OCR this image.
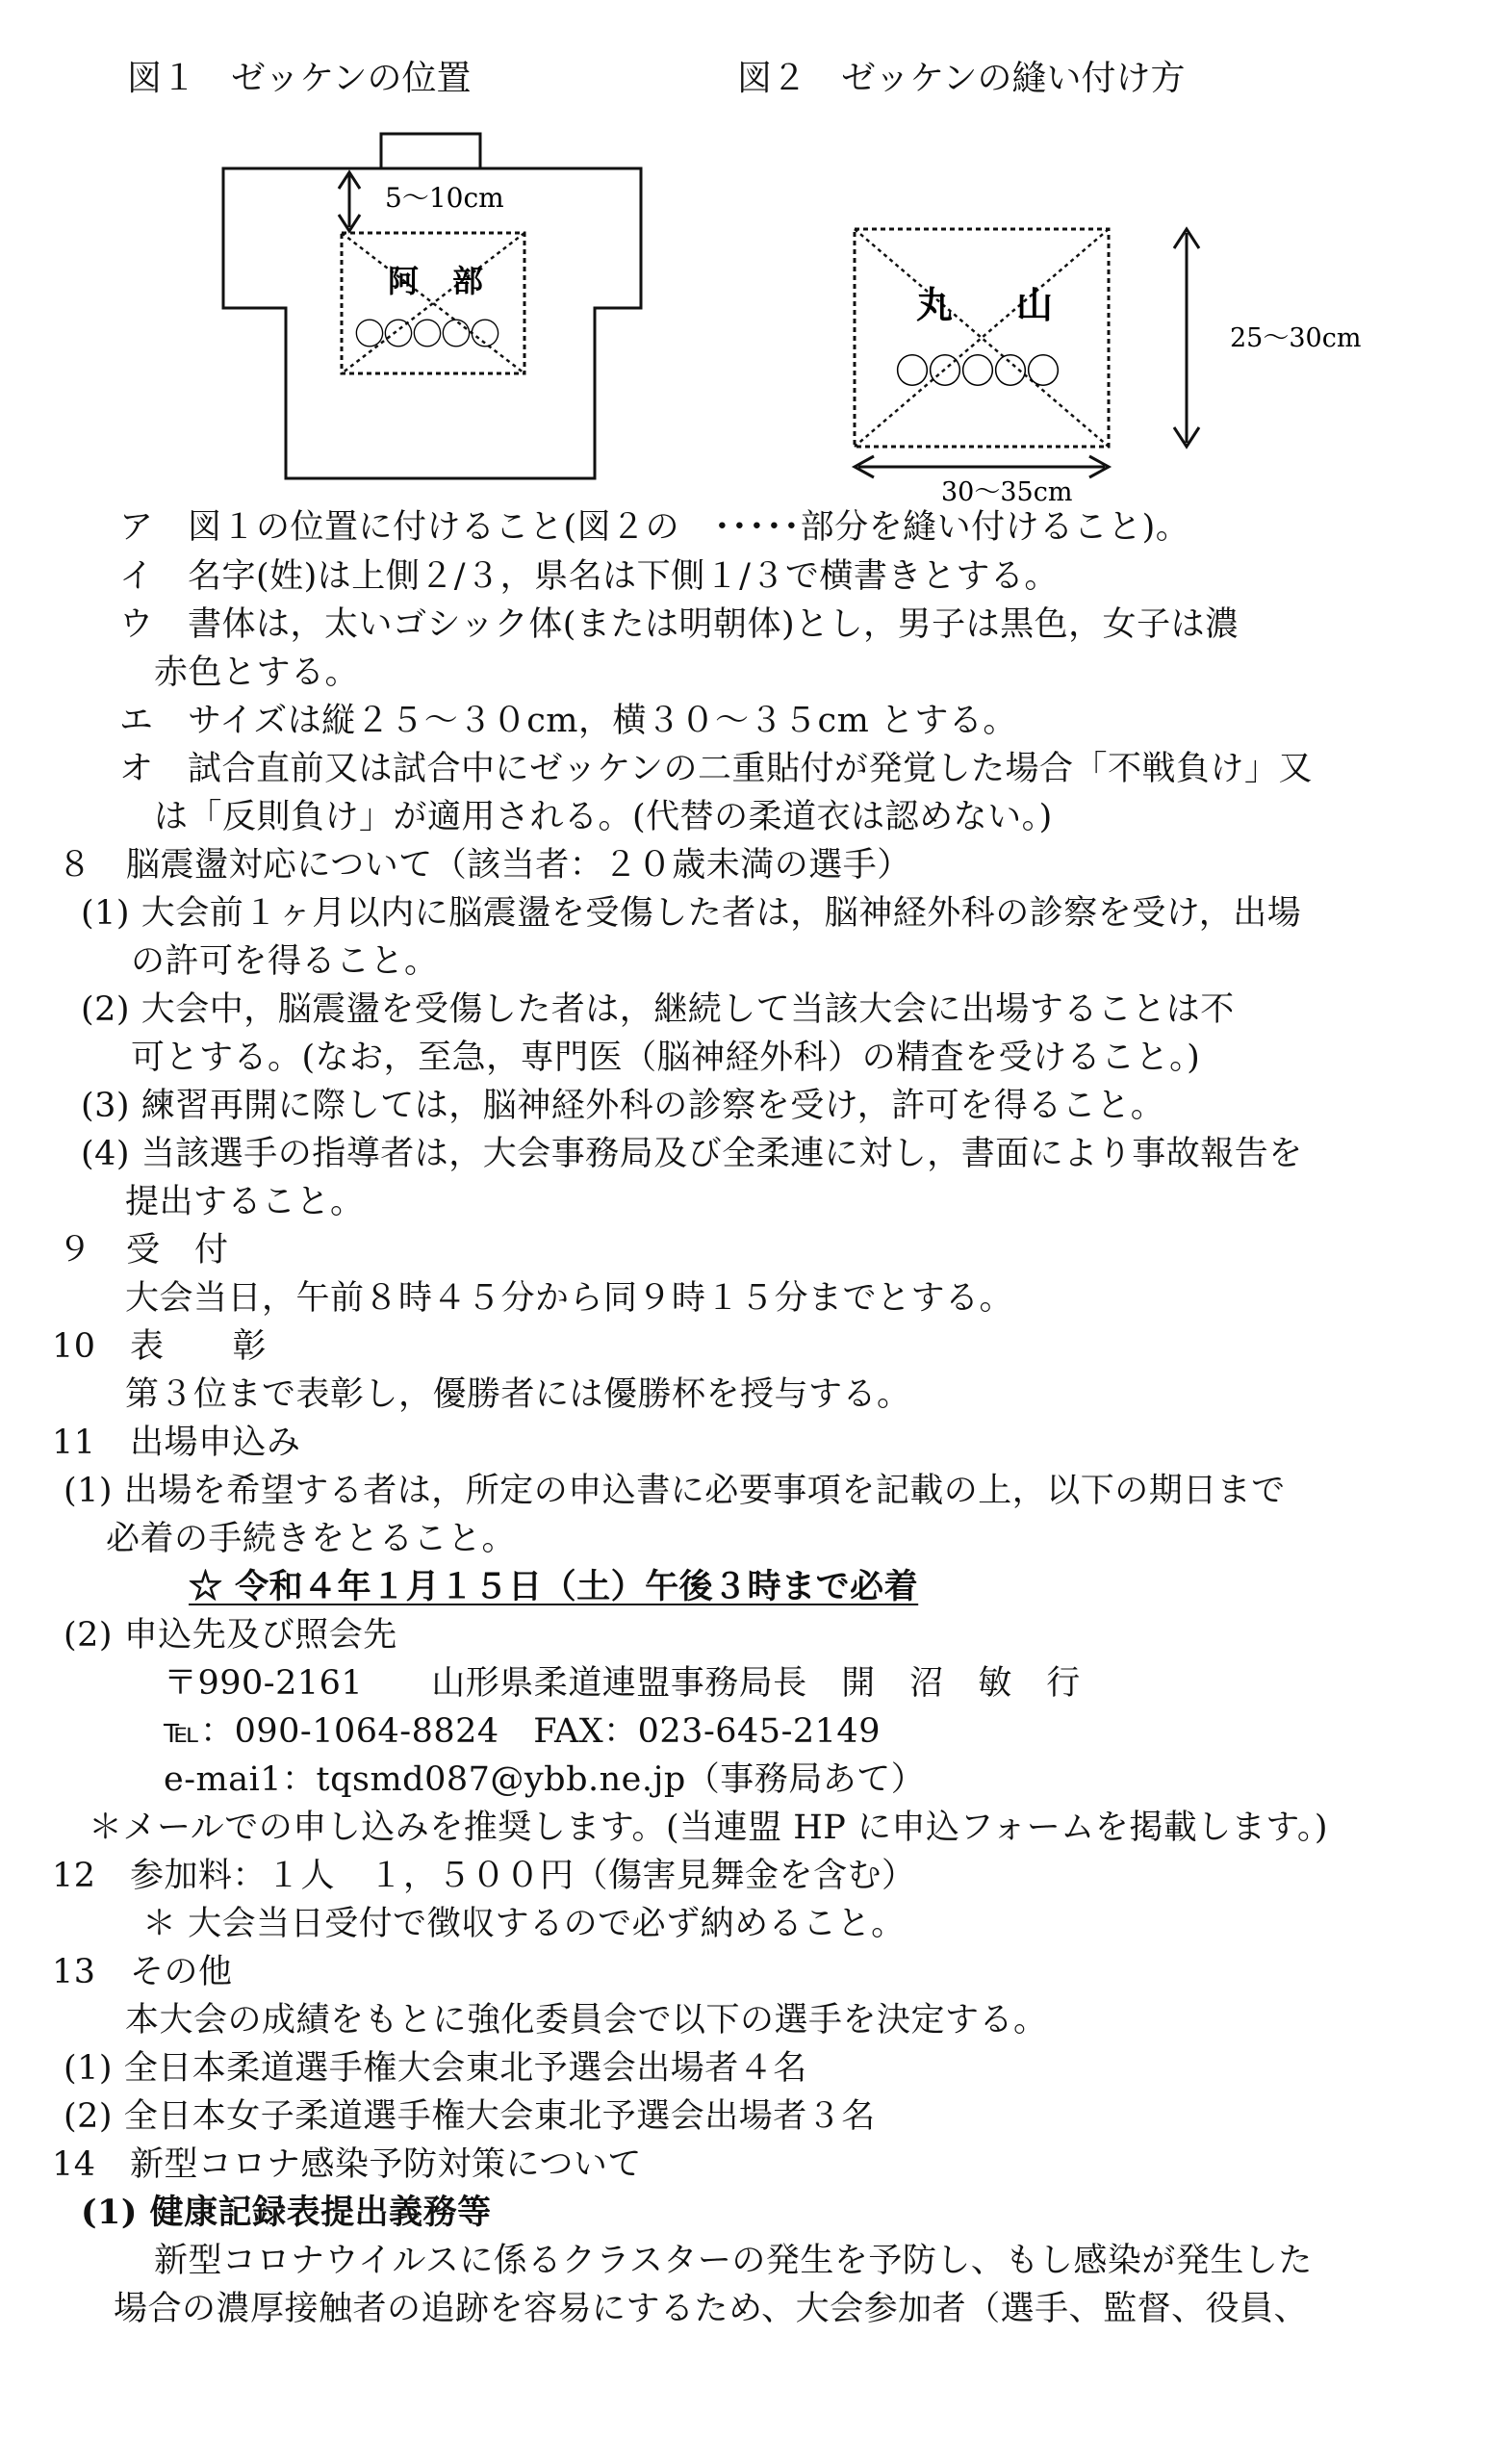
図１　ゼッケンの位置	図２　ゼッケンの縫い付け方
5〜10cm
阿 部
〇〇〇〇〇
丸 山
〇〇〇〇〇
25〜30cm
30〜35cm
ア　図１の位置に付けること(図２の　･････部分を縫い付けること)。
イ　名字(姓)は上側２/３，県名は下側１/３で横書きとする。
ウ　書体は，太いゴシック体(または明朝体)とし，男子は黒色，女子は濃
赤色とする。
エ　サイズは縦２５〜３０cm，横３０〜３５cm とする。
オ　試合直前又は試合中にゼッケンの二重貼付が発覚した場合「不戦負け」又
は「反則負け」が適用される。(代替の柔道衣は認めない。)
８　脳震盪対応について（該当者：２０歳未満の選手）
(1) 大会前１ヶ月以内に脳震盪を受傷した者は，脳神経外科の診察を受け，出場
の許可を得ること。
(2) 大会中，脳震盪を受傷した者は，継続して当該大会に出場することは不
可とする。(なお，至急，専門医（脳神経外科）の精査を受けること。)
(3) 練習再開に際しては，脳神経外科の診察を受け，許可を得ること。
(4) 当該選手の指導者は，大会事務局及び全柔連に対し，書面により事故報告を
提出すること。
９　受　付
大会当日，午前８時４５分から同９時１５分までとする。
10　表　　彰
第３位まで表彰し，優勝者には優勝杯を授与する。
11　出場申込み
(1) 出場を希望する者は，所定の申込書に必要事項を記載の上，以下の期日まで
必着の手続きをとること。
☆ 令和４年１月１５日（土）午後３時まで必着
(2) 申込先及び照会先
〒990-2161　　山形県柔道連盟事務局長　開　沼　敏　行
℡：090-1064-8824　FAX：023-645-2149
e-mai1：tqsmd087@ybb.ne.jp（事務局あて）
＊メールでの申し込みを推奨します。(当連盟 HP に申込フォームを掲載します。)
12　参加料：１人　１，５００円（傷害見舞金を含む）
＊ 大会当日受付で徴収するので必ず納めること。
13　その他
本大会の成績をもとに強化委員会で以下の選手を決定する。
(1) 全日本柔道選手権大会東北予選会出場者４名
(2) 全日本女子柔道選手権大会東北予選会出場者３名
14　新型コロナ感染予防対策について
(1) 健康記録表提出義務等
新型コロナウイルスに係るクラスターの発生を予防し、もし感染が発生した
場合の濃厚接触者の追跡を容易にするため、大会参加者（選手、監督、役員、
